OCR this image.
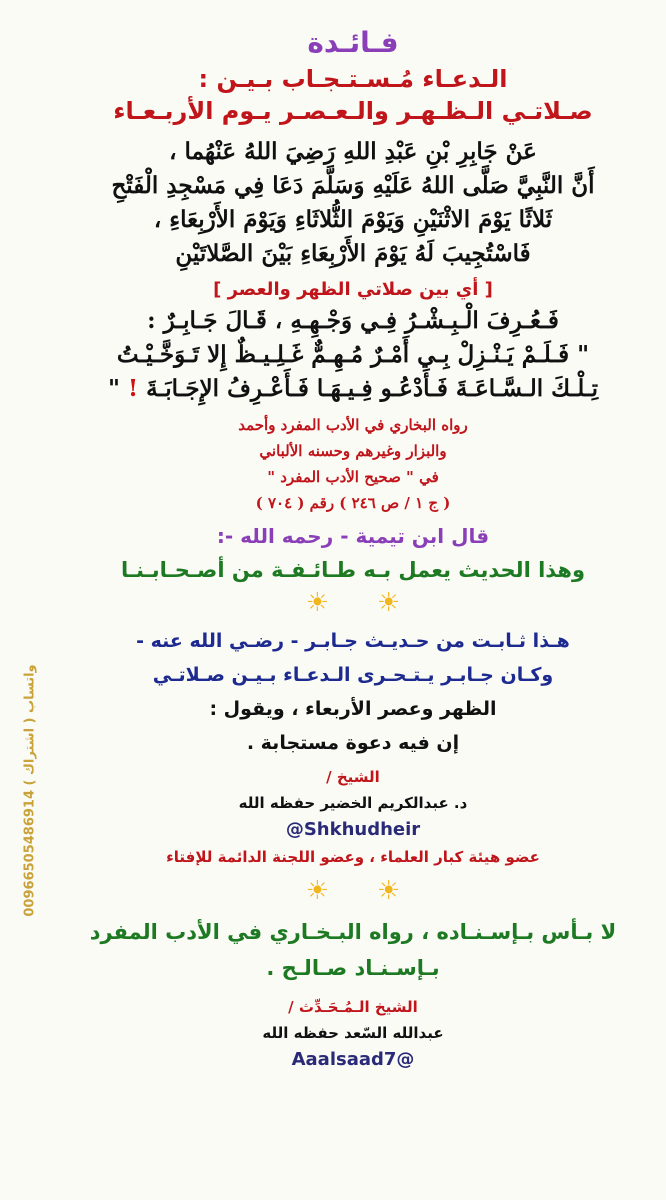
00966505486914 واتساب ( اشتراك )
فـائـدة
الـدعـاء مُـسـتـجـاب بـيـن :
صـلاتـي الـظـهـر والـعـصـر يـوم الأربـعـاء
عَنْ جَابِرِ بْنِ عَبْدِ اللهِ رَضِيَ اللهُ عَنْهُما ،
أَنَّ النَّبِيَّ صَلَّى اللهُ عَلَيْهِ وَسَلَّمَ دَعَا فِي مَسْجِدِ الْفَتْحِ
ثَلاثًا يَوْمَ الاثْنَيْنِ وَيَوْمَ الثُّلاثَاءِ وَيَوْمَ الأَرْبِعَاءِ ،
فَاسْتُجِيبَ لَهُ يَوْمَ الأَرْبِعَاءِ بَيْنَ الصَّلاتَيْنِ
[ أي بين صلاتي الظهر والعصر ]
فَـعُـرِفَ الْـبِـشْـرُ فِـي وَجْـهِـهِ ، قَـالَ جَـابِـرٌ :
" فَـلَـمْ يَـنْـزِلْ بِـي أَمْـرٌ مُـهِـمٌّ غَـلِـيـظٌ إِلا تَـوَخَّـيْـتُ
تِـلْـكَ الـسَّـاعَـةَ فَـأَدْعُـو فِـيـهَـا فَـأَعْـرِفُ الإِجَـابَـةَ ! "
رواه البخاري في الأدب المفرد وأحمد
والبزار وغيرهم وحسنه الألباني
في " صحيح الأدب المفرد "
( ج ١ / ص ٢٤٦ ) رقم ( ٧٠٤ )
قال ابن تيمية - رحمه الله -:
وهذا الحديث يعمل بـه طـائـفـة من أصـحـابـنـا
☀ ☀
هـذا ثـابـت من حـديـث جـابـر - رضـي الله عنه -
وكـان جـابـر يـتـحـرى الـدعـاء بـيـن صـلاتـي
الظهر وعصر الأربعاء ، ويقول :
إن فيه دعوة مستجابة .
الشيخ /
د. عبدالكريم الخضير حفظه الله
@Shkhudheir
عضو هيئة كبار العلماء ، وعضو اللجنة الدائمة للإفتاء
☀ ☀
لا بـأس بـإسـنـاده ، رواه البـخـاري في الأدب المفرد
بـإسـنـاد صـالـح .
الشيخ الـمُـحَـدِّث /
عبدالله السّعد حفظه الله
Aaalsaad7@
